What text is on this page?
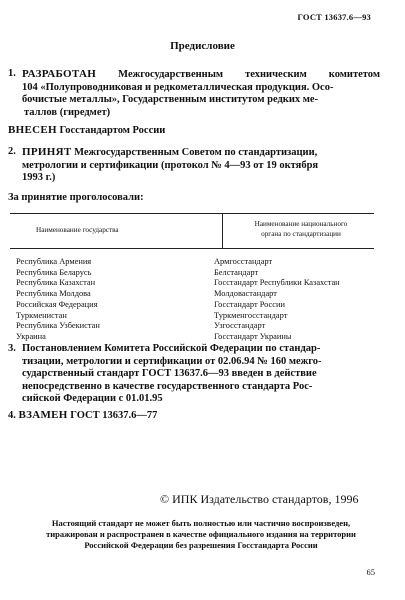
ГОСТ 13637.6—93
Предисловие
1. РАЗРАБОТАН Межгосударственным техническим комитетом
104 «Полупроводниковая и редкометаллическая продукция. Осо-
бочистые металлы», Государственным институтом редких ме-
таллов (гиредмет)
ВНЕСЕН Госстандартом России
2. ПРИНЯТ Межгосударственным Советом по стандартизации,
метрологии и сертификации (протокол № 4—93 от 19 октября
1993 г.)
За принятие проголосовали:
Наименование государства
Наименование национального
органа по стандартизации
Республика Армения
Республика Беларусь
Республика Казахстан
Республика Молдова
Российская Федерация
Туркменистан
Республика Узбекистан
Украина
Армгосстандарт
Белстандарт
Госстандарт Республики Казахстан
Молдовастандарт
Госстандарт России
Туркменгосстандарт
Узгосстандарт
Госстандарт Украины
3. Постановлением Комитета Российской Федерации по стандар-
тизации, метрологии и сертификации от 02.06.94 № 160 межго-
сударственный стандарт ГОСТ 13637.6—93 введен в действие
непосредственно в качестве государственного стандарта Рос-
сийской Федерации с 01.01.95
4. ВЗАМЕН ГОСТ 13637.6—77
© ИПК Издательство стандартов, 1996
Настоящий стандарт не может быть полностью или частично воспроизведен,
тиражирован и распространен в качестве официального издания на территории
Российской Федерации без разрешения Госстандарта России
65
